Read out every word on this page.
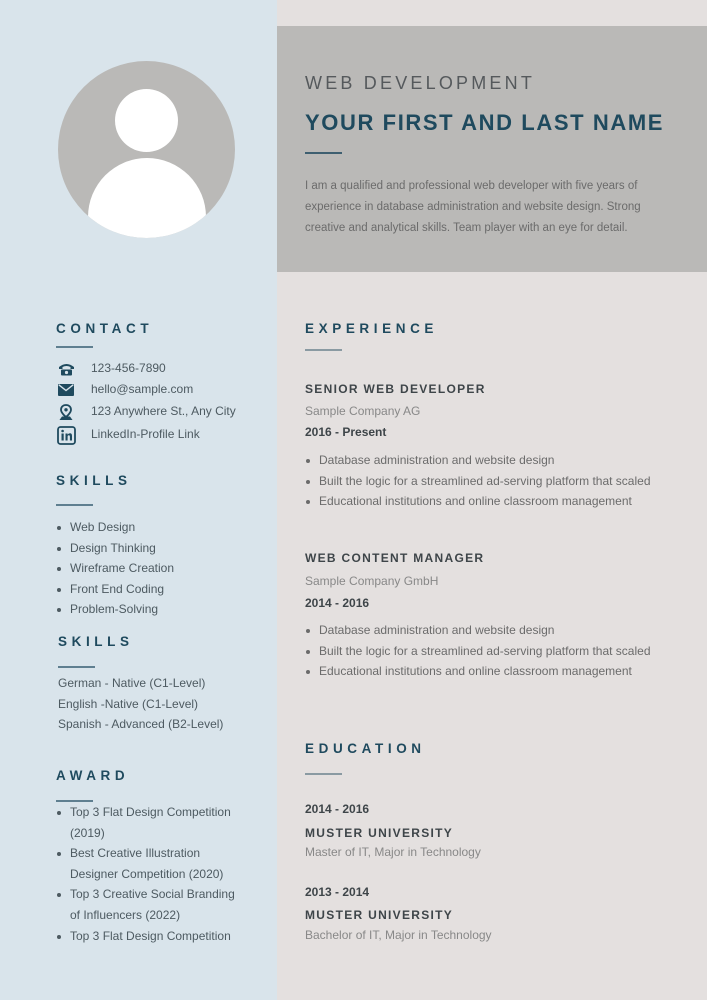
WEB DEVELOPMENT
YOUR FIRST AND LAST NAME
I am a qualified and professional web developer with five years of experience in database administration and website design. Strong creative and analytical skills. Team player with an eye for detail.
CONTACT
123-456-7890
hello@sample.com
123 Anywhere St., Any City
LinkedIn-Profile Link
SKILLS
Web Design
Design Thinking
Wireframe Creation
Front End Coding
Problem-Solving
SKILLS
German - Native (C1-Level)
English -Native (C1-Level)
Spanish - Advanced (B2-Level)
AWARD
Top 3 Flat Design Competition (2019)
Best Creative Illustration Designer Competition (2020)
Top 3 Creative Social Branding of Influencers (2022)
Top 3 Flat Design Competition
EXPERIENCE
SENIOR WEB DEVELOPER
Sample Company AG
2016 - Present
Database administration and website design
Built the logic for a streamlined ad-serving platform that scaled
Educational institutions and online classroom management
WEB CONTENT MANAGER
Sample Company GmbH
2014 - 2016
Database administration and website design
Built the logic for a streamlined ad-serving platform that scaled
Educational institutions and online classroom management
EDUCATION
2014 - 2016
MUSTER UNIVERSITY
Master of IT, Major in Technology
2013 - 2014
MUSTER UNIVERSITY
Bachelor of IT, Major in Technology
